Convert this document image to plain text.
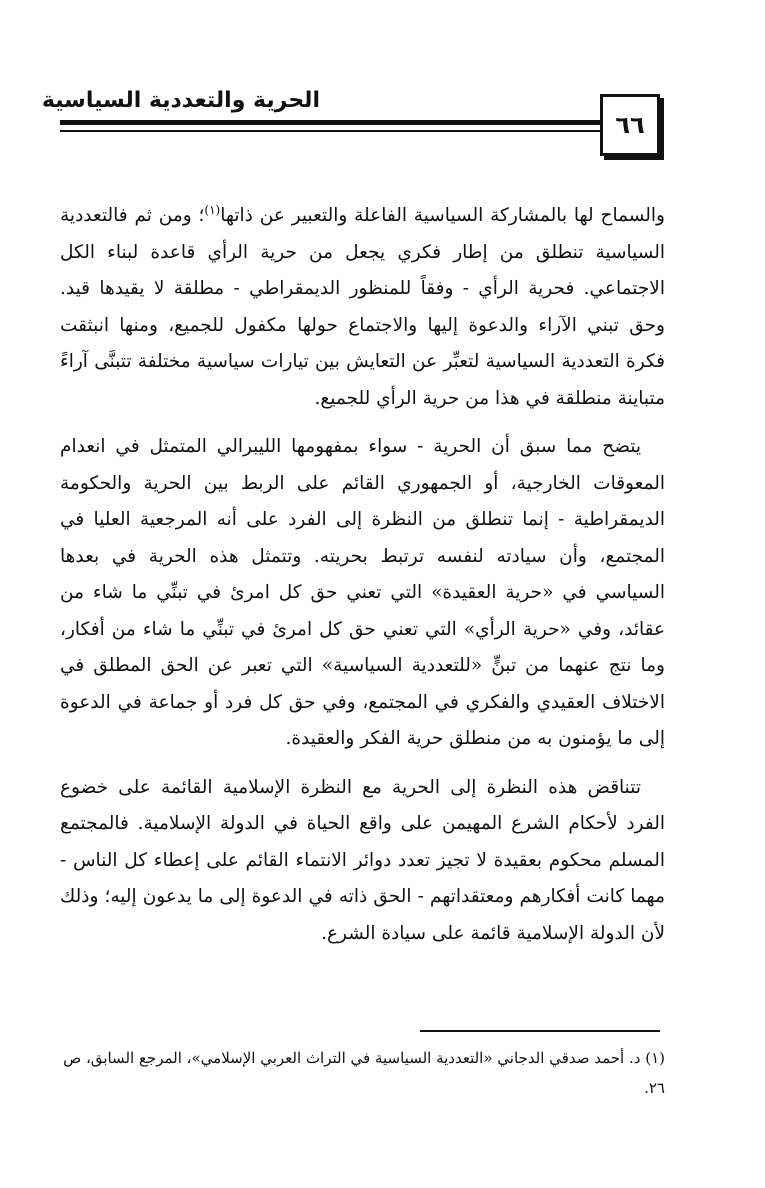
٦٦
الحرية والتعددية السياسية

والسماح لها بالمشاركة السياسية الفاعلة والتعبير عن ذاتها$^{(١)}$؛ ومن ثم فالتعددية السياسية تنطلق من إطار فكري يجعل من حرية الرأي قاعدة لبناء الكل الاجتماعي. فحرية الرأي - وفقاً للمنظور الديمقراطي - مطلقة لا يقيدها قيد. وحق تبني الآراء والدعوة إليها والاجتماع حولها مكفول للجميع، ومنها انبثقت فكرة التعددية السياسية لتعبِّر عن التعايش بين تيارات سياسية مختلفة تتبنَّى آراءً متباينة منطلقة في هذا من حرية الرأي للجميع.

يتضح مما سبق أن الحرية - سواء بمفهومها الليبرالي المتمثل في انعدام المعوقات الخارجية، أو الجمهوري القائم على الربط بين الحرية والحكومة الديمقراطية - إنما تنطلق من النظرة إلى الفرد على أنه المرجعية العليا في المجتمع، وأن سيادته لنفسه ترتبط بحريته. وتتمثل هذه الحرية في بعدها السياسي في «حرية العقيدة» التي تعني حق كل امرئ في تبنِّي ما شاء من عقائد، وفي «حرية الرأي» التي تعني حق كل امرئ في تبنِّي ما شاء من أفكار، وما نتج عنهما من تبنٍّ «للتعددية السياسية» التي تعبر عن الحق المطلق في الاختلاف العقيدي والفكري في المجتمع، وفي حق كل فرد أو جماعة في الدعوة إلى ما يؤمنون به من منطلق حرية الفكر والعقيدة.

تتناقض هذه النظرة إلى الحرية مع النظرة الإسلامية القائمة على خضوع الفرد لأحكام الشرع المهيمن على واقع الحياة في الدولة الإسلامية. فالمجتمع المسلم محكوم بعقيدة لا تجيز تعدد دوائر الانتماء القائم على إعطاء كل الناس - مهما كانت أفكارهم ومعتقداتهم - الحق ذاته في الدعوة إلى ما يدعون إليه؛ وذلك لأن الدولة الإسلامية قائمة على سيادة الشرع.

(١) د. أحمد صدقي الدجاني «التعددية السياسية في التراث العربي الإسلامي»، المرجع السابق، ص
٢٦.
